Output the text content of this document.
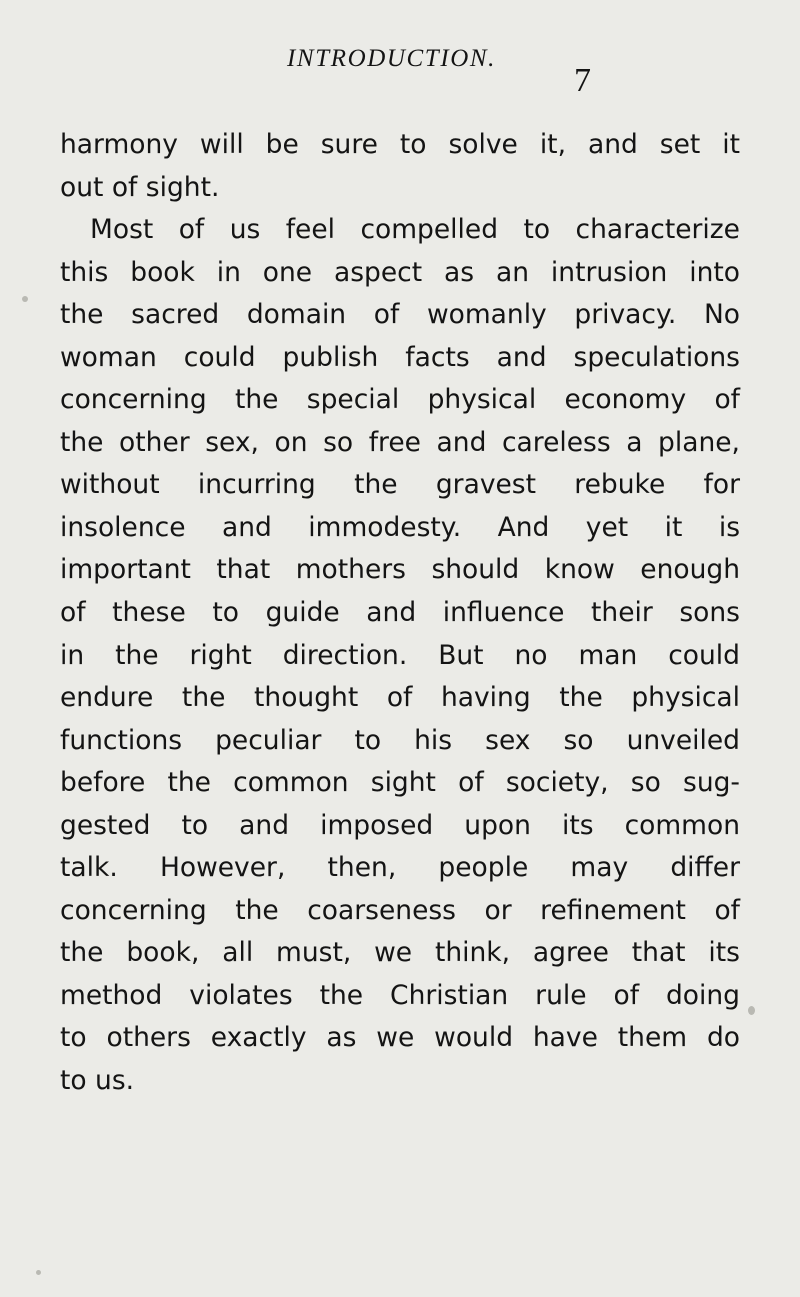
INTRODUCTION.
7
harmony will be sure to solve it, and set it
out of sight.
Most of us feel compelled to characterize
this book in one aspect as an intrusion into
the sacred domain of womanly privacy. No
woman could publish facts and speculations
concerning the special physical economy of
the other sex, on so free and careless a plane,
without incurring the gravest rebuke for
insolence and immodesty. And yet it is
important that mothers should know enough
of these to guide and influence their sons
in the right direction. But no man could
endure the thought of having the physical
functions peculiar to his sex so unveiled
before the common sight of society, so sug-
gested to and imposed upon its common
talk. However, then, people may differ
concerning the coarseness or refinement of
the book, all must, we think, agree that its
method violates the Christian rule of doing
to others exactly as we would have them do
to us.
